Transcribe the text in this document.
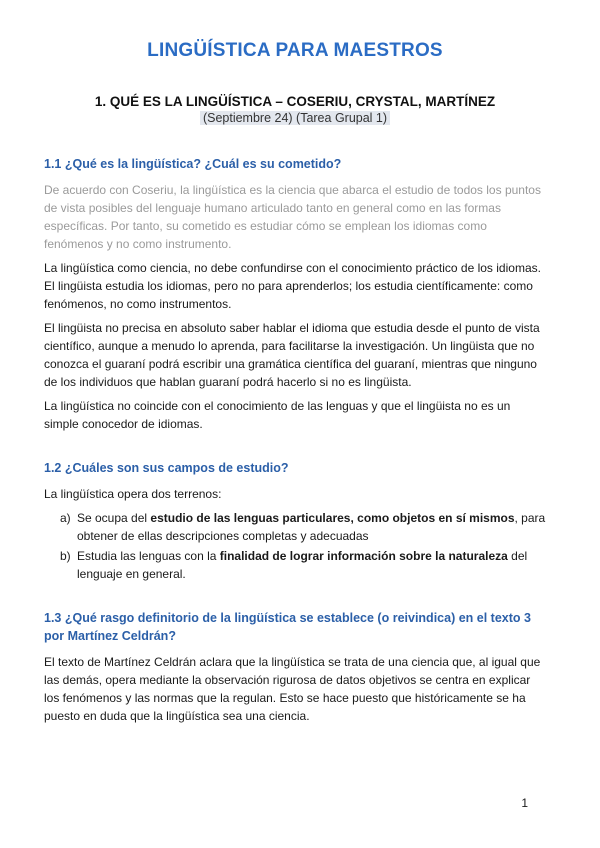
LINGÜÍSTICA PARA MAESTROS
1. QUÉ ES LA LINGÜÍSTICA – COSERIU, CRYSTAL, MARTÍNEZ
(Septiembre 24) (Tarea Grupal 1)
1.1 ¿Qué es la lingüística? ¿Cuál es su cometido?

De acuerdo con Coseriu, la lingüística es la ciencia que abarca el estudio de todos los puntos de vista posibles del lenguaje humano articulado tanto en general como en las formas específicas. Por tanto, su cometido es estudiar cómo se emplean los idiomas como fenómenos y no como instrumento.

La lingüística como ciencia, no debe confundirse con el conocimiento práctico de los idiomas. El lingüista estudia los idiomas, pero no para aprenderlos; los estudia científicamente: como fenómenos, no como instrumentos.

El lingüista no precisa en absoluto saber hablar el idioma que estudia desde el punto de vista científico, aunque a menudo lo aprenda, para facilitarse la investigación. Un lingüista que no conozca el guaraní podrá escribir una gramática científica del guaraní, mientras que ninguno de los individuos que hablan guaraní podrá hacerlo si no es lingüista.

La lingüística no coincide con el conocimiento de las lenguas y que el lingüista no es un simple conocedor de idiomas.

1.2 ¿Cuáles son sus campos de estudio?

La lingüística opera dos terrenos:

a) Se ocupa del estudio de las lenguas particulares, como objetos en sí mismos, para obtener de ellas descripciones completas y adecuadas
b) Estudia las lenguas con la finalidad de lograr información sobre la naturaleza del lenguaje en general.
1.3 ¿Qué rasgo definitorio de la lingüística se establece (o reivindica) en el texto 3 por Martínez Celdrán?

El texto de Martínez Celdrán aclara que la lingüística se trata de una ciencia que, al igual que las demás, opera mediante la observación rigurosa de datos objetivos se centra en explicar los fenómenos y las normas que la regulan. Esto se hace puesto que históricamente se ha puesto en duda que la lingüística sea una ciencia.

1
